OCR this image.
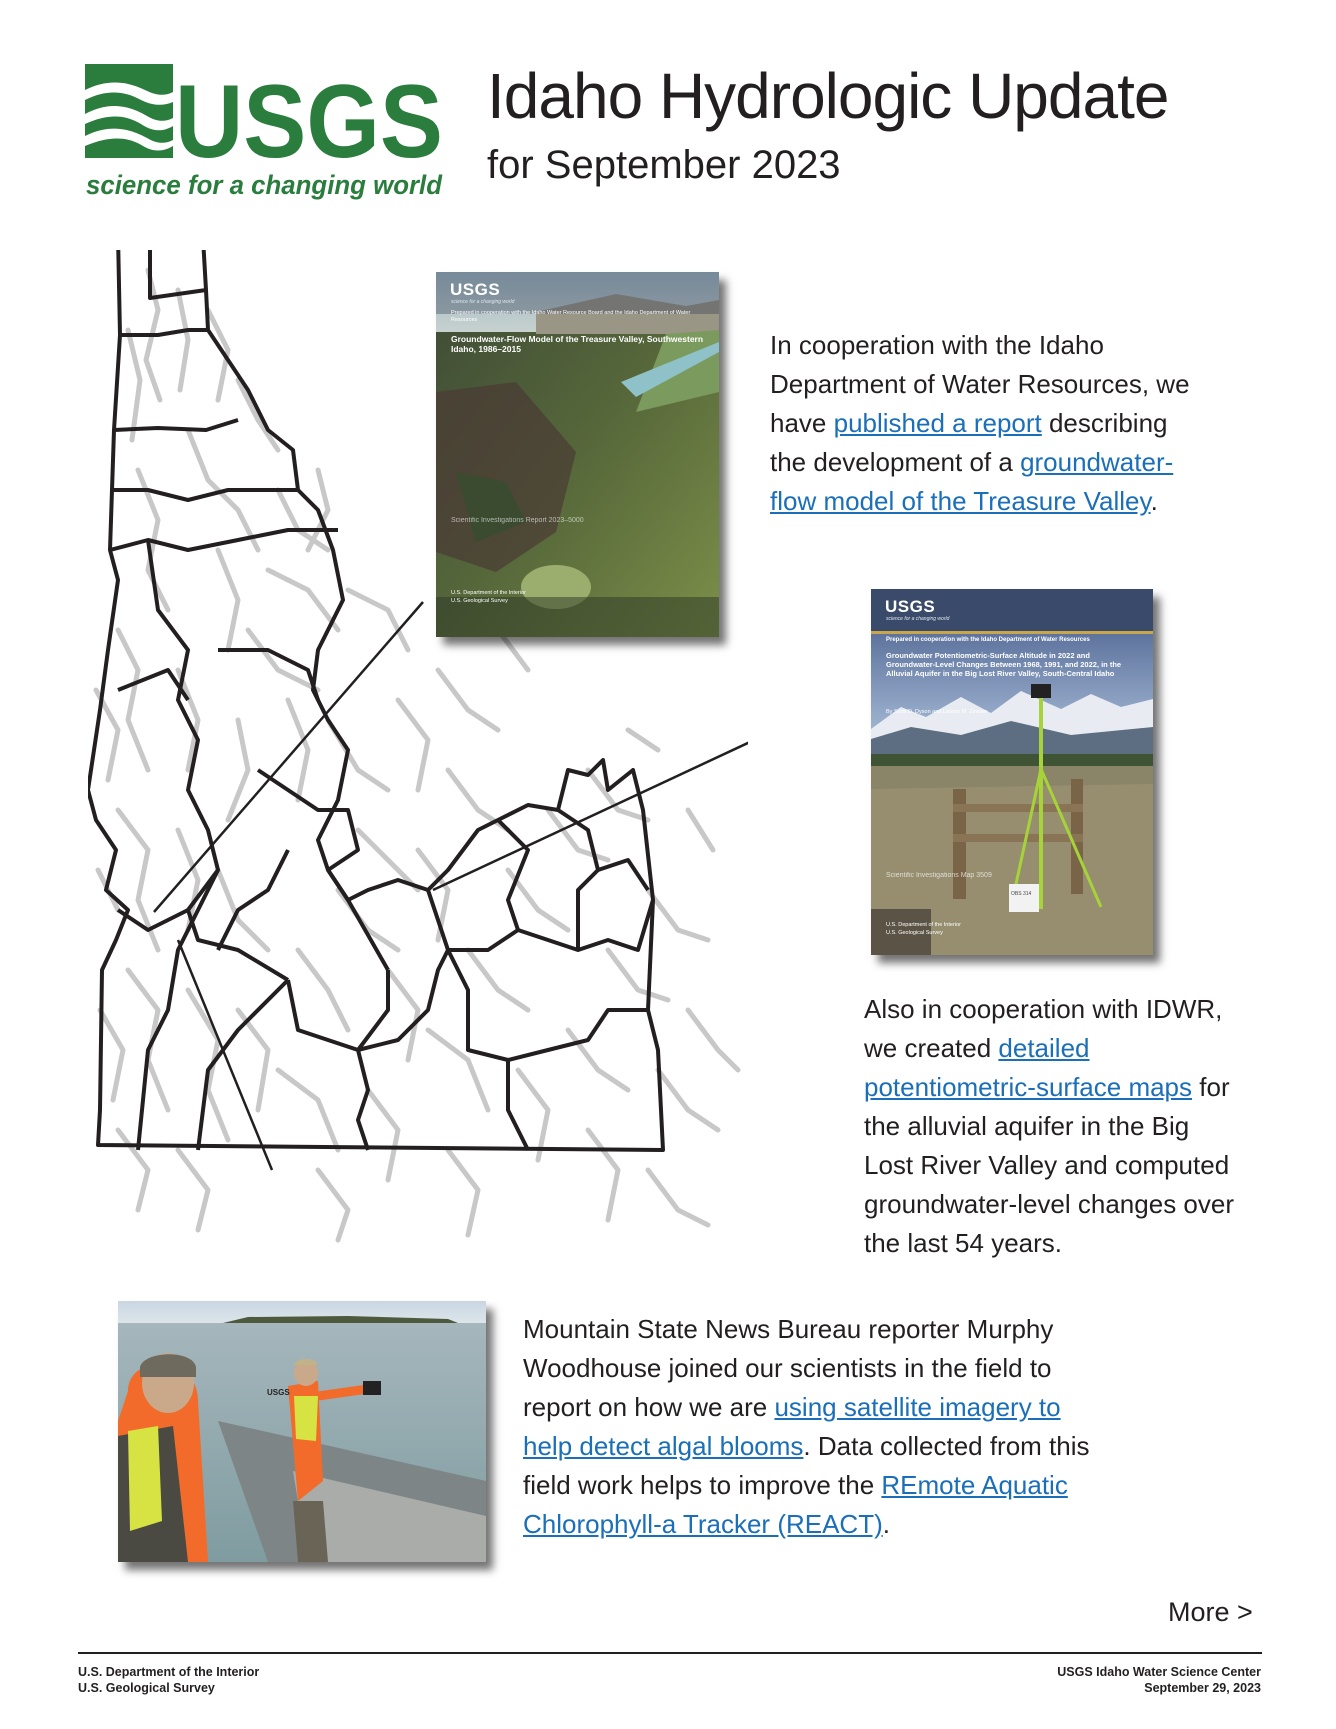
USGS
science for a changing world
Idaho Hydrologic Update
for September 2023
USGS
science for a changing world
Prepared in cooperation with the Idaho Water Resource Board and the Idaho Department of Water Resources
Groundwater-Flow Model of the Treasure Valley, Southwestern Idaho, 1986–2015
Scientific Investigations Report 2023–5000
U.S. Department of the Interior
U.S. Geological Survey	USGS
science for a changing world
Prepared in cooperation with the Idaho Department of Water Resources
Groundwater Potentiometric-Surface Altitude in 2022 and Groundwater-Level Changes Between 1968, 1991, and 2022, in the Alluvial Aquifer in the Big Lost River Valley, South-Central Idaho
By Scott D. Dyson and Lauren M. Zinsser
Scientific Investigations Map 3509
U.S. Department of the Interior
U.S. Geological Survey
OBS 314
USGS
In cooperation with the Idaho Department of Water Resources, we have published a report describing the development of a groundwater-flow model of the Treasure Valley.
Also in cooperation with IDWR, we created detailed potentiometric-surface maps for the alluvial aquifer in the Big Lost River Valley and computed groundwater-level changes over the last 54 years.
Mountain State News Bureau reporter Murphy Woodhouse joined our scientists in the field to report on how we are using satellite imagery to help detect algal blooms. Data collected from this field work helps to improve the REmote Aquatic Chlorophyll-a Tracker (REACT).
More >
U.S. Department of the Interior
U.S. Geological Survey
USGS Idaho Water Science Center
September 29, 2023
